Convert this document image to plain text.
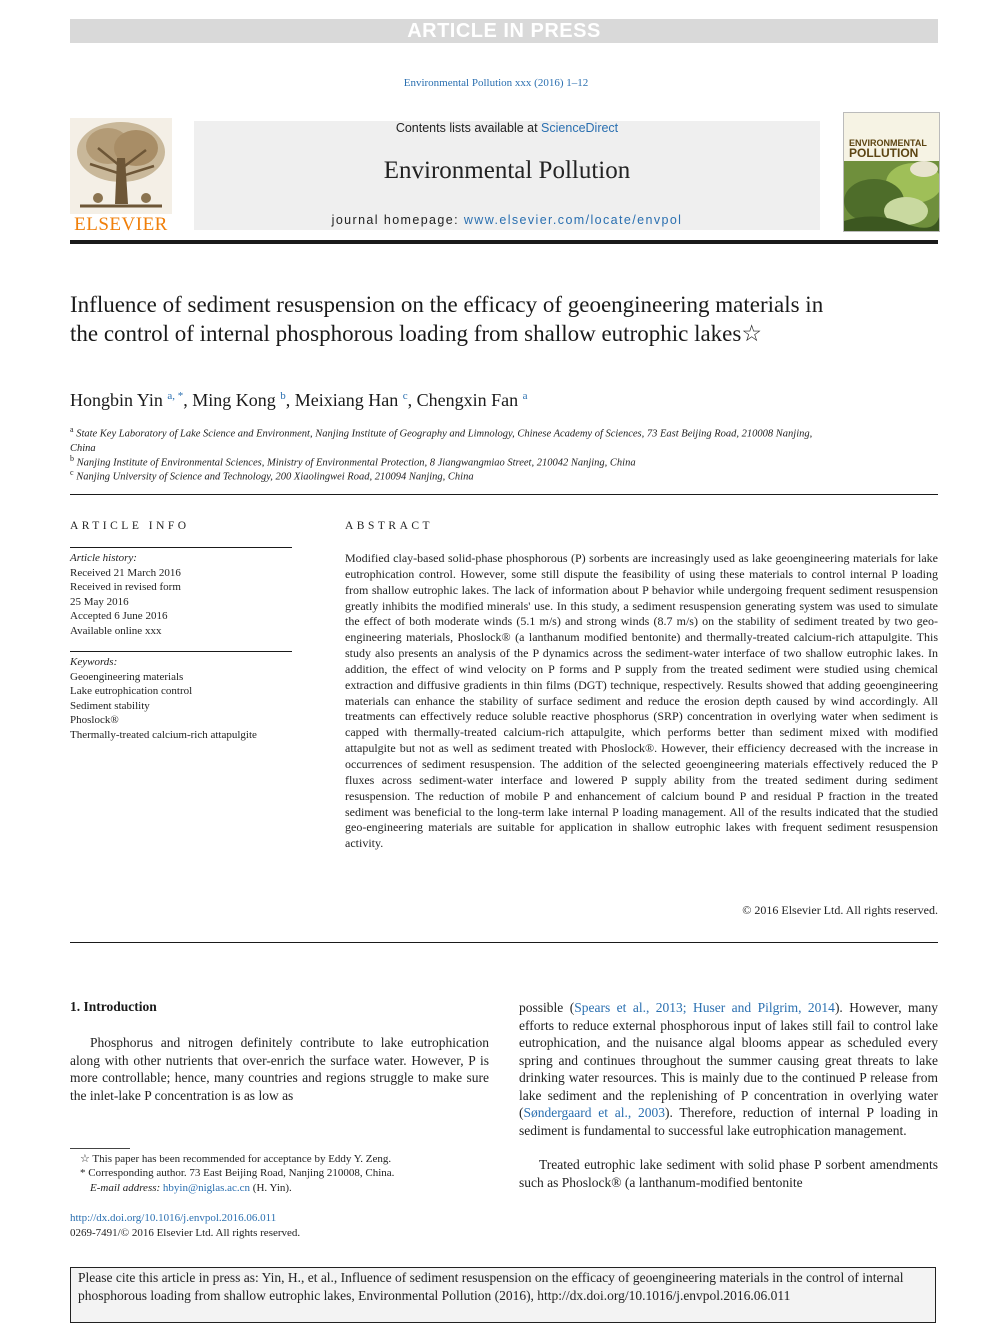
ARTICLE IN PRESS
Environmental Pollution xxx (2016) 1–12
ELSEVIER
Contents lists available at ScienceDirect
Environmental Pollution
journal homepage: www.elsevier.com/locate/envpol
ENVIRONMENTAL
POLLUTION
Influence of sediment resuspension on the efficacy of geoengineering materials in the control of internal phosphorous loading from shallow eutrophic lakes☆
Hongbin Yin $^{a, *}$, Ming Kong $^b$, Meixiang Han $^c$, Chengxin Fan $^a$
$^a$ State Key Laboratory of Lake Science and Environment, Nanjing Institute of Geography and Limnology, Chinese Academy of Sciences, 73 East Beijing Road, 210008 Nanjing, China
$^b$ Nanjing Institute of Environmental Sciences, Ministry of Environmental Protection, 8 Jiangwangmiao Street, 210042 Nanjing, China
$^c$ Nanjing University of Science and Technology, 200 Xiaolingwei Road, 210094 Nanjing, China
ARTICLE INFO
Article history:
Received 21 March 2016
Received in revised form
25 May 2016
Accepted 6 June 2016
Available online xxx
Keywords:
Geoengineering materials
Lake eutrophication control
Sediment stability
Phoslock®
Thermally-treated calcium-rich attapulgite
ABSTRACT
Modified clay-based solid-phase phosphorous (P) sorbents are increasingly used as lake geoengineering materials for lake eutrophication control. However, some still dispute the feasibility of using these materials to control internal P loading from shallow eutrophic lakes. The lack of information about P behavior while undergoing frequent sediment resuspension greatly inhibits the modified minerals' use. In this study, a sediment resuspension generating system was used to simulate the effect of both moderate winds (5.1 m/s) and strong winds (8.7 m/s) on the stability of sediment treated by two geo-engineering materials, Phoslock® (a lanthanum modified bentonite) and thermally-treated calcium-rich attapulgite. This study also presents an analysis of the P dynamics across the sediment-water interface of two shallow eutrophic lakes. In addition, the effect of wind velocity on P forms and P supply from the treated sediment were studied using chemical extraction and diffusive gradients in thin films (DGT) technique, respectively. Results showed that adding geoengineering materials can enhance the stability of surface sediment and reduce the erosion depth caused by wind accordingly. All treatments can effectively reduce soluble reactive phosphorus (SRP) concentration in overlying water when sediment is capped with thermally-treated calcium-rich attapulgite, which performs better than sediment mixed with modified attapulgite but not as well as sediment treated with Phoslock®. However, their efficiency decreased with the increase in occurrences of sediment resuspension. The addition of the selected geoengineering materials effectively reduced the P fluxes across sediment-water interface and lowered P supply ability from the treated sediment during sediment resuspension. The reduction of mobile P and enhancement of calcium bound P and residual P fraction in the treated sediment was beneficial to the long-term lake internal P loading management. All of the results indicated that the studied geo-engineering materials are suitable for application in shallow eutrophic lakes with frequent sediment resuspension activity.
© 2016 Elsevier Ltd. All rights reserved.
1. Introduction
Phosphorus and nitrogen definitely contribute to lake eutrophication along with other nutrients that over-enrich the surface water. However, P is more controllable; hence, many countries and regions struggle to make sure the inlet-lake P concentration is as low as
☆ This paper has been recommended for acceptance by Eddy Y. Zeng.
* Corresponding author. 73 East Beijing Road, Nanjing 210008, China.
E-mail address: hbyin@niglas.ac.cn (H. Yin).
http://dx.doi.org/10.1016/j.envpol.2016.06.011
0269-7491/© 2016 Elsevier Ltd. All rights reserved.
possible (Spears et al., 2013; Huser and Pilgrim, 2014). However, many efforts to reduce external phosphorous input of lakes still fail to control lake eutrophication, and the nuisance algal blooms appear as scheduled every spring and continues throughout the summer causing great threats to lake drinking water resources. This is mainly due to the continued P release from lake sediment and the replenishing of P concentration in overlying water (Søndergaard et al., 2003). Therefore, reduction of internal P loading in sediment is fundamental to successful lake eutrophication management.
Treated eutrophic lake sediment with solid phase P sorbent amendments such as Phoslock® (a lanthanum-modified bentonite
Please cite this article in press as: Yin, H., et al., Influence of sediment resuspension on the efficacy of geoengineering materials in the control of internal phosphorous loading from shallow eutrophic lakes, Environmental Pollution (2016), http://dx.doi.org/10.1016/j.envpol.2016.06.011
